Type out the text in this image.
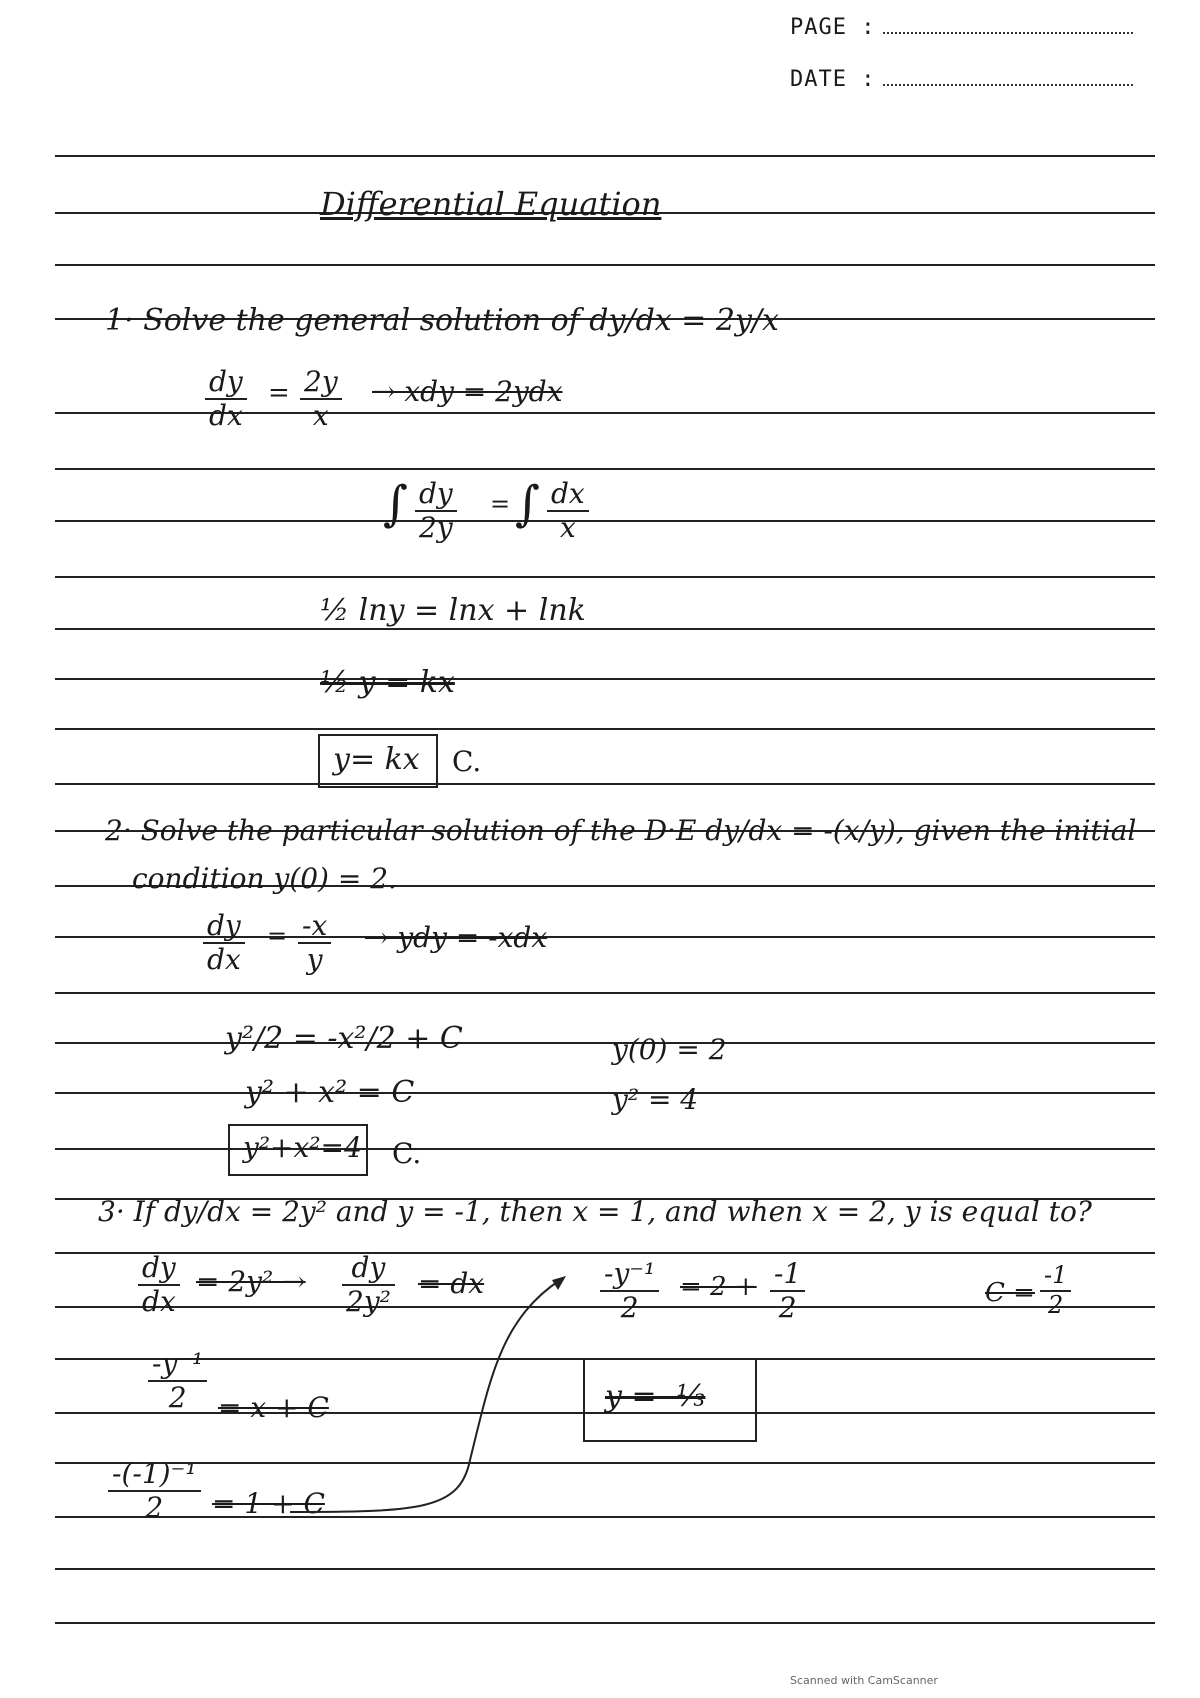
PAGE :
DATE :
Differential Equation
1· Solve the general solution of dy/dx = 2y/x
$\frac{dy}{dx} = \frac{2y}{x}$ → xdy = 2ydx
∫ $\frac{dy}{2y}$ = ∫ $\frac{dx}{x}$
½ lny = lnx + lnk
½ y = kx
y= kx C.
2· Solve the particular solution of the D·E dy/dx = -(x/y), given the initial
condition y(0) = 2.
$\frac{dy}{dx} = \frac{-x}{y}$ → ydy = -xdx
y²/2 = -x²/2 + C
y² + x² = C
y(0) = 2
y² = 4
y²+x²=4 C.
3· If dy/dx = 2y² and y = -1, then x = 1, and when x = 2, y is equal to?
$\frac{dy}{dx} = 2y^2 \to \frac{dy}{\text{2y²}}$ = dx
$\frac{\text{-y⁻¹}}{2} = x + C$
$\frac{\text{-(-1)⁻¹}}{2} = 1 + C$
$\frac{\text{-y⁻¹}}{2} = 2 + \frac{-1}{2}$	$C = \frac{-1}{2}$
y = -⅓
Scanned with CamScanner
